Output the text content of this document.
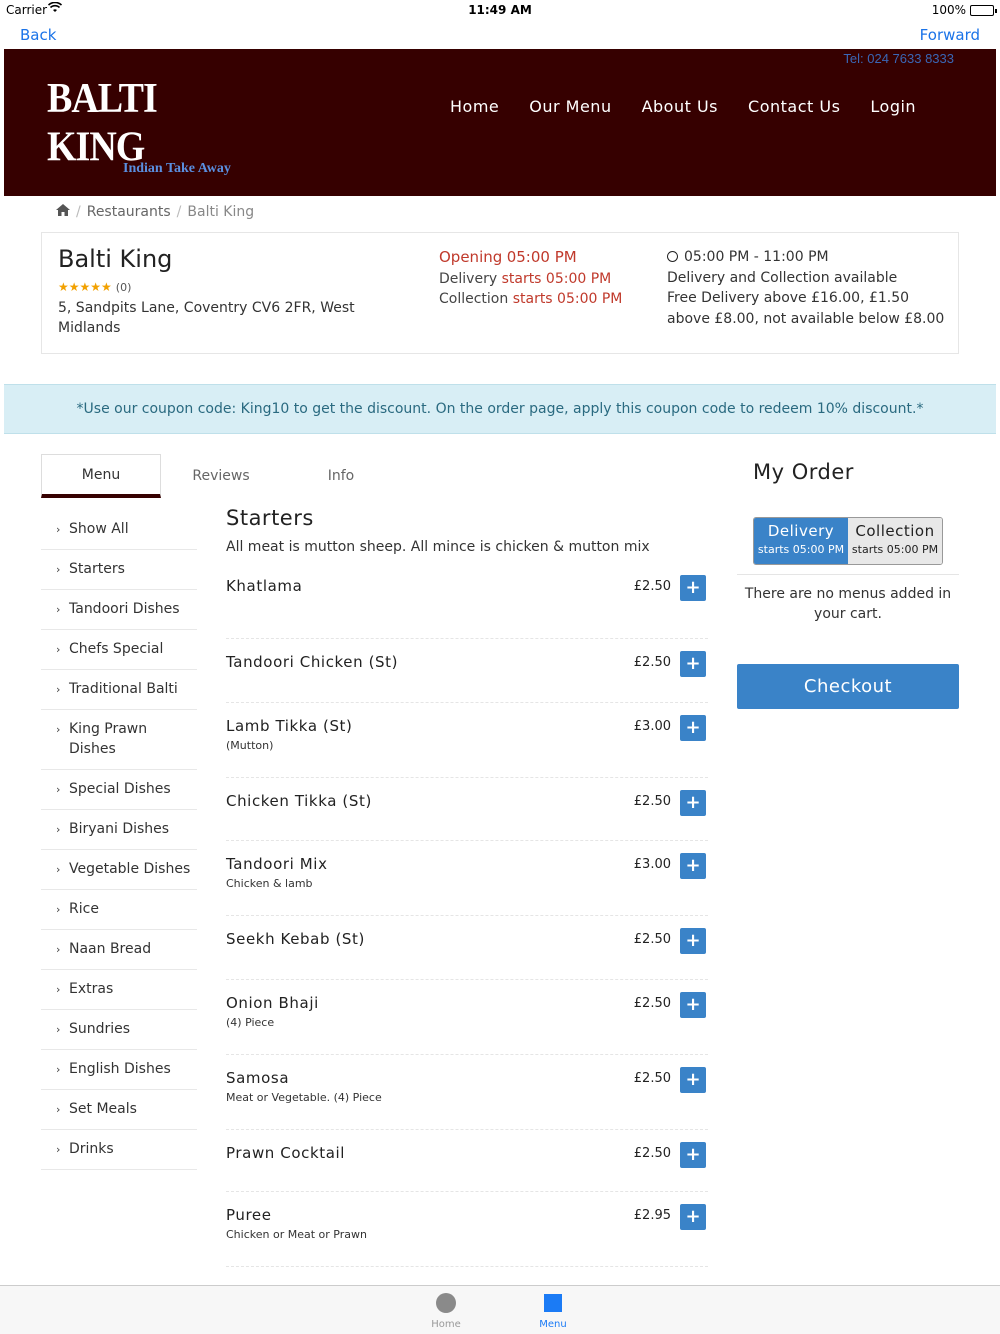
Carrier	11:49 AM	100%
Back	Forward
Tel: 024 7633 8333
BALTI KING
Indian Take Away
Home Our Menu About Us Contact Us Login
/ Restaurants / Balti King
Balti King
★★★★★ (0)
5, Sandpits Lane, Coventry CV6 2FR, West Midlands
Opening 05:00 PM
Delivery starts 05:00 PM
Collection starts 05:00 PM
05:00 PM - 11:00 PM
Delivery and Collection available
Free Delivery above £16.00, £1.50 above £8.00, not available below £8.00
*Use our coupon code: King10 to get the discount. On the order page, apply this coupon code to redeem 10% discount.*
Menu	Reviews	Info
› Show All
› Starters
› Tandoori Dishes
› Chefs Special
› Traditional Balti
› King Prawn Dishes
› Special Dishes
› Biryani Dishes
› Vegetable Dishes
› Rice
› Naan Bread
› Extras
› Sundries
› English Dishes
› Set Meals
› Drinks
Starters
All meat is mutton sheep. All mince is chicken & mutton mix
Khatlama	£2.50 +
Tandoori Chicken (St)	£2.50 +
Lamb Tikka (St)
(Mutton)
£3.00 +
Chicken Tikka (St)	£2.50 +
Tandoori Mix
Chicken & lamb
£3.00 +
Seekh Kebab (St)	£2.50 +
Onion Bhaji
(4) Piece
£2.50 +
Samosa
Meat or Vegetable. (4) Piece
£2.50 +
Prawn Cocktail	£2.50 +
Puree
Chicken or Meat or Prawn
£2.95 +
My Order
Delivery
starts 05:00 PM
Collection
starts 05:00 PM
There are no menus added in your cart.
Checkout
Home	Menu
